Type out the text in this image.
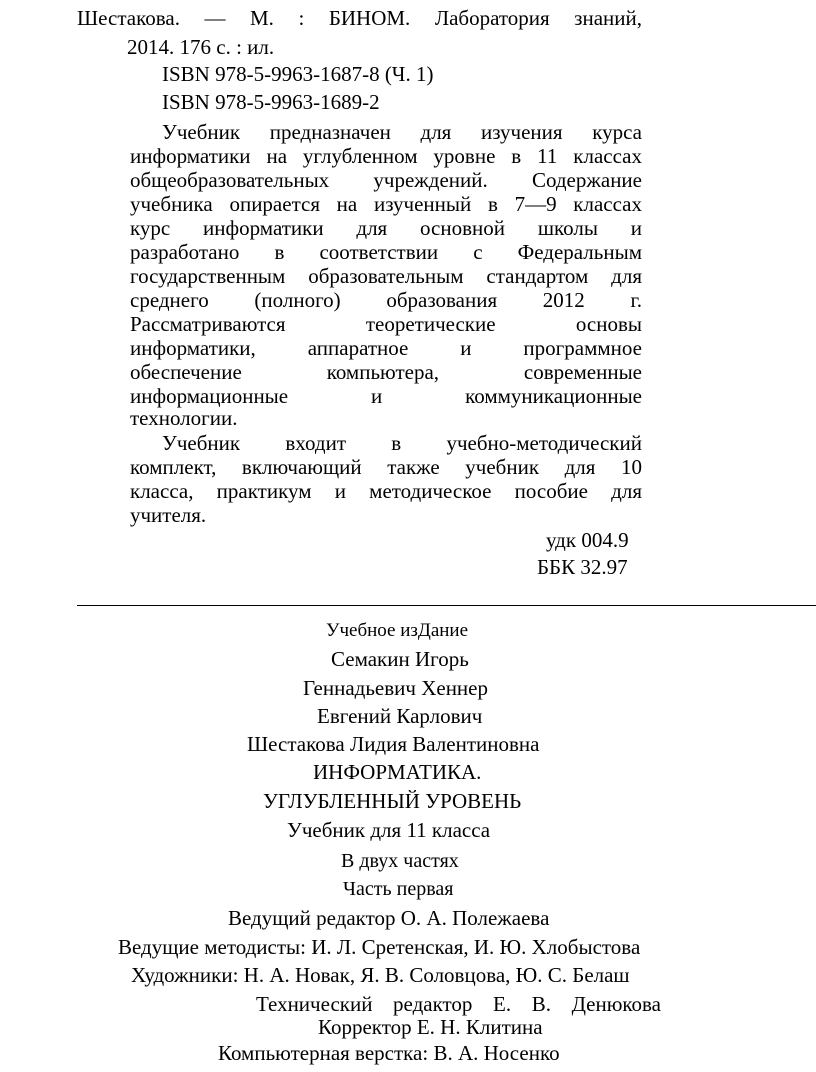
Шестакова. — М. : БИНОМ. Лаборатория знаний,
2014. 176 с. : ил.
ISBN 978-5-9963-1687-8 (Ч. 1)
ISBN 978-5-9963-1689-2
Учебник предназначен для изучения курса
информатики на углубленном уровне в 11 классах
общеобразовательных учреждений. Содержание
учебника опирается на изученный в 7—9 классах
курс информатики для основной школы и
разработано в соответствии с Федеральным
государственным образовательным стандартом для
среднего (полного) образования 2012 г.
Рассматриваются теоретические основы
информатики, аппаратное и программное
обеспечение компьютера, современные
информационные и коммуникационные
технологии.
Учебник входит в учебно-методический
комплект, включающий также учебник для 10
класса, практикум и методическое пособие для
учителя.
удк 004.9
ББК 32.97
Учебное изДание
Семакин Игорь
Геннадьевич Хеннер
Евгений Карлович
Шестакова Лидия Валентиновна
ИНФОРМАТИКА.
УГЛУБЛЕННЫЙ УРОВЕНЬ
Учебник для 11 класса
В двух частях
Часть первая
Ведущий редактор О. А. Полежаева
Ведущие методисты: И. Л. Сретенская, И. Ю. Хлобыстова
Художники: Н. А. Новак, Я. В. Соловцова, Ю. С. Белаш
Технический редактор Е. В. Денюкова
Корректор Е. Н. Клитина
Компьютерная верстка: В. А. Носенко
